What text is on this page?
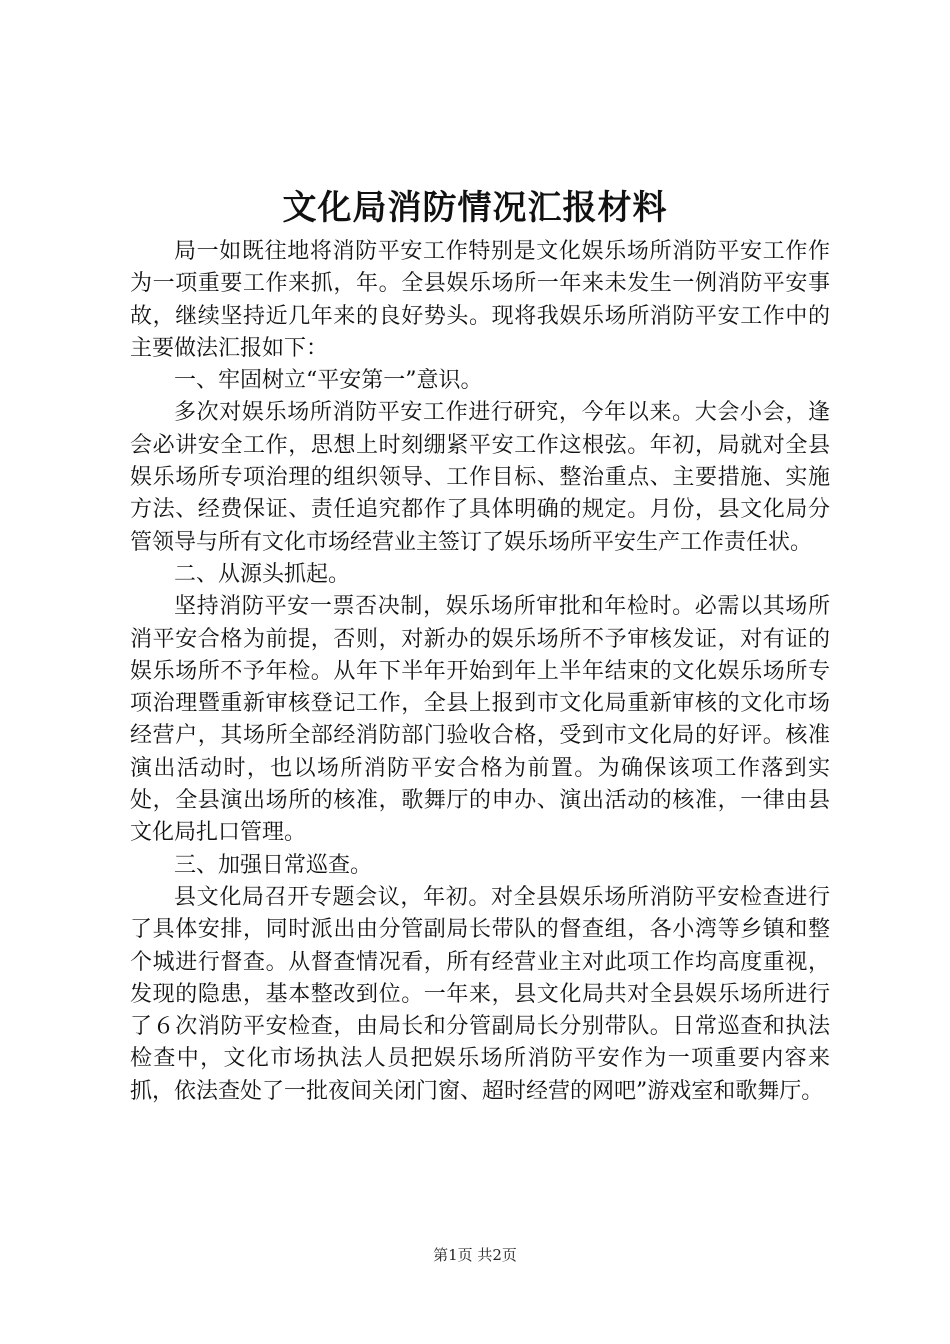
文化局消防情况汇报材料

局一如既往地将消防平安工作特别是文化娱乐场所消防平安工作作为一项重要工作来抓，年。全县娱乐场所一年来未发生一例消防平安事故，继续坚持近几年来的良好势头。现将我娱乐场所消防平安工作中的主要做法汇报如下：

一、牢固树立“平安第一”意识。

多次对娱乐场所消防平安工作进行研究，今年以来。大会小会，逢会必讲安全工作，思想上时刻绷紧平安工作这根弦。年初，局就对全县娱乐场所专项治理的组织领导、工作目标、整治重点、主要措施、实施方法、经费保证、责任追究都作了具体明确的规定。月份，县文化局分管领导与所有文化市场经营业主签订了娱乐场所平安生产工作责任状。

二、从源头抓起。

坚持消防平安一票否决制，娱乐场所审批和年检时。必需以其场所消平安合格为前提，否则，对新办的娱乐场所不予审核发证，对有证的娱乐场所不予年检。从年下半年开始到年上半年结束的文化娱乐场所专项治理暨重新审核登记工作，全县上报到市文化局重新审核的文化市场经营户，其场所全部经消防部门验收合格，受到市文化局的好评。核准演出活动时，也以场所消防平安合格为前置。为确保该项工作落到实处，全县演出场所的核准，歌舞厅的申办、演出活动的核准，一律由县文化局扎口管理。

三、加强日常巡查。

县文化局召开专题会议，年初。对全县娱乐场所消防平安检查进行了具体安排，同时派出由分管副局长带队的督查组，各小湾等乡镇和整个城进行督查。从督查情况看，所有经营业主对此项工作均高度重视，发现的隐患，基本整改到位。一年来，县文化局共对全县娱乐场所进行了６次消防平安检查，由局长和分管副局长分别带队。日常巡查和执法检查中，文化市场执法人员把娱乐场所消防平安作为一项重要内容来抓，依法查处了一批夜间关闭门窗、超时经营的网吧”游戏室和歌舞厅。

第1页 共2页
